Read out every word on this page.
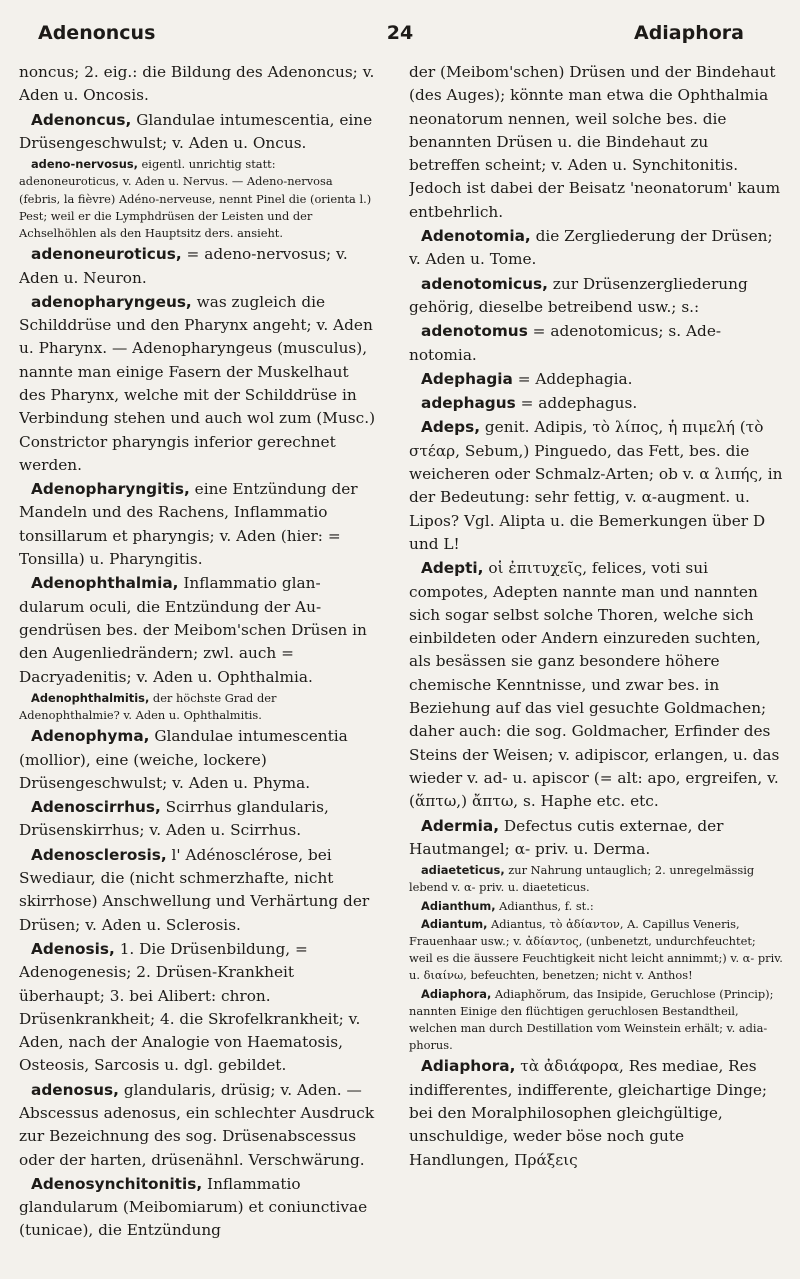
Adenoncus	24	Adiaphora

noncus; 2. eig.: die Bildung des Adenoncus; v. Aden u. Oncosis.

Adenoncus, Glandulae intumescentia, eine Drüsengeschwulst; v. Aden u. Oncus.

adeno-nervosus, eigentl. unrichtig statt: adenoneuroticus, v. Aden u. Nervus. — Adeno-nervosa (febris, la fièvre) Adéno-nerveuse, nennt Pinel die (orienta l.) Pest; weil er die Lymphdrüsen der Leisten und der Achselhöhlen als den Hauptsitz ders. ansieht.

adenoneuroticus, = adeno-nervosus; v. Aden u. Neuron.

adenopharyngeus, was zugleich die Schilddrüse und den Pharynx angeht; v. Aden u. Pharynx. — Adenopharyngeus (musculus), nannte man einige Fasern der Muskelhaut des Pharynx, welche mit der Schilddrüse in Verbindung stehen und auch wol zum (Musc.) Constrictor pharyngis inferior gerechnet werden.

Adenopharyngitis, eine Entzündung der Mandeln und des Rachens, Inflammatio tonsillarum et pharyngis; v. Aden (hier: = Tonsilla) u. Pharyngitis.

Adenophthalmia, Inflammatio glandularum oculi, die Entzündung der Augendrüsen bes. der Meibom'schen Drüsen in den Augenliedrändern; zwl. auch = Dacryadenitis; v. Aden u. Ophthalmia.

Adenophthalmitis, der höchste Grad der Adenophthalmie? v. Aden u. Ophthalmitis.

Adenophyma, Glandulae intumescentia (mollior), eine (weiche, lockere) Drüsengeschwulst; v. Aden u. Phyma.

Adenoscirrhus, Scirrhus glandularis, Drüsenskirrhus; v. Aden u. Scirrhus.

Adenosclerosis, l' Adénosclérose, bei Swediaur, die (nicht schmerzhafte, nicht skirrhose) Anschwellung und Verhärtung der Drüsen; v. Aden u. Sclerosis.

Adenosis, 1. Die Drüsenbildung, = Adenogenesis; 2. Drüsen-Krankheit überhaupt; 3. bei Alibert: chron. Drüsenkrankheit; 4. die Skrofelkrankheit; v. Aden, nach der Analogie von Haematosis, Osteosis, Sarcosis u. dgl. gebildet.

adenosus, glandularis, drüsig; v. Aden. — Abscessus adenosus, ein schlechter Ausdruck zur Bezeichnung des sog. Drüsenabscessus oder der harten, drüsenähnl. Verschwärung.

Adenosynchitonitis, Inflammatio glandularum (Meibomiarum) et coniunctivae (tunicae), die Entzündung

der (Meibom'schen) Drüsen und der Bindehaut (des Auges); könnte man etwa die Ophthalmia neonatorum nennen, weil solche bes. die benannten Drüsen u. die Bindehaut zu betreffen scheint; v. Aden u. Synchitonitis. Jedoch ist dabei der Beisatz 'neonatorum' kaum entbehrlich.

Adenotomia, die Zergliederung der Drüsen; v. Aden u. Tome.

adenotomicus, zur Drüsenzergliederung gehörig, dieselbe betreibend usw.; s.:

adenotomus = adenotomicus; s. Adenotomia.

Adephagia = Addephagia.

adephagus = addephagus.

Adeps, genit. Adipis, τὸ λίπος, ἡ πιμελή (τὸ στέαρ, Sebum,) Pinguedo, das Fett, bes. die weicheren oder Schmalz-Arten; ob v. α λιπής, in der Bedeutung: sehr fettig, v. α-augment. u. Lipos? Vgl. Alipta u. die Bemerkungen über D und L!

Adepti, οἱ ἐπιτυχεῖς, felices, voti sui compotes, Adepten nannte man und nannten sich sogar selbst solche Thoren, welche sich einbildeten oder Andern einzureden suchten, als besässen sie ganz besondere höhere chemische Kenntnisse, und zwar bes. in Beziehung auf das viel gesuchte Goldmachen; daher auch: die sog. Goldmacher, Erfinder des Steins der Weisen; v. adipiscor, erlangen, u. das wieder v. ad- u. apiscor (= alt: apo, ergreifen, v. (ἅπτω,) ἄπτω, s. Haphe etc. etc.

Adermia, Defectus cutis externae, der Hautmangel; α- priv. u. Derma.

adiaeteticus, zur Nahrung untauglich; 2. unregelmässig lebend v. α- priv. u. diaeteticus.

Adianthum, Adianthus, f. st.:

Adiantum, Adiantus, τὸ ἀδίαντον, A. Capillus Veneris, Frauenhaar usw.; v. ἀδίαντος, (unbenetzt, undurchfeuchtet; weil es die äussere Feuchtigkeit nicht leicht annimmt;) v. α- priv. u. διαίνω, befeuchten, benetzen; nicht v. Anthos!

Adiaphora, Adiaphŏrum, das Insipide, Geruchlose (Princip); nannten Einige den flüchtigen geruchlosen Bestandtheil, welchen man durch Destillation vom Weinstein erhält; v. adiaphorus.

Adiaphora, τὰ ἀδιάφορα, Res mediae, Res indifferentes, indifferente, gleichartige Dinge; bei den Moralphilosophen gleichgültige, unschuldige, weder böse noch gute Handlungen, Πράξεις
